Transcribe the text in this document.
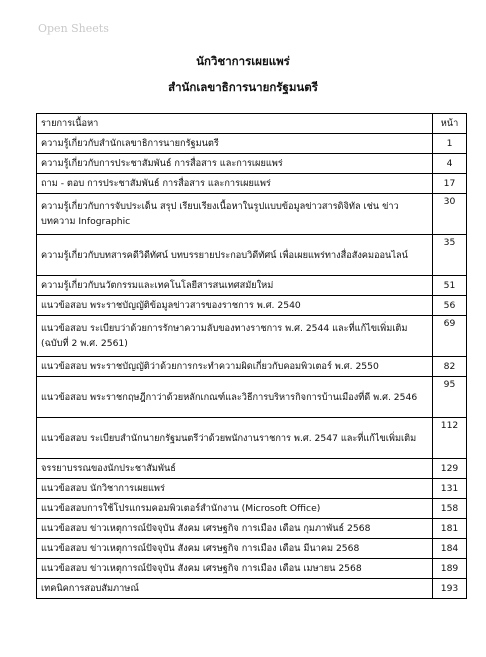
Open Sheets
นักวิชาการเผยแพร่
สำนักเลขาธิการนายกรัฐมนตรี
รายการเนื้อหา	หน้า
ความรู้เกี่ยวกับสำนักเลขาธิการนายกรัฐมนตรี	1
ความรู้เกี่ยวกับการประชาสัมพันธ์ การสื่อสาร และการเผยแพร่	4
ถาม - ตอบ การประชาสัมพันธ์ การสื่อสาร และการเผยแพร่	17
ความรู้เกี่ยวกับการจับประเด็น สรุป เรียบเรียงเนื้อหาในรูปแบบข้อมูลข่าวสารดิจิทัล เช่น ข่าว บทความ Infographic	30
ความรู้เกี่ยวกับบทสารคดีวิดีทัศน์ บทบรรยายประกอบวิดีทัศน์ เพื่อเผยแพร่ทางสื่อสังคมออนไลน์	35
ความรู้เกี่ยวกับนวัตกรรมและเทคโนโลยีสารสนเทศสมัยใหม่	51
แนวข้อสอบ พระราชบัญญัติข้อมูลข่าวสารของราชการ พ.ศ. 2540	56
แนวข้อสอบ ระเบียบว่าด้วยการรักษาความลับของทางราชการ พ.ศ. 2544 และที่แก้ไขเพิ่มเติม (ฉบับที่ 2 พ.ศ. 2561)	69
แนวข้อสอบ พระราชบัญญัติว่าด้วยการกระทำความผิดเกี่ยวกับคอมพิวเตอร์ พ.ศ. 2550	82
แนวข้อสอบ พระราชกฤษฎีกาว่าด้วยหลักเกณฑ์และวิธีการบริหารกิจการบ้านเมืองที่ดี พ.ศ. 2546	95
แนวข้อสอบ ระเบียบสำนักนายกรัฐมนตรีว่าด้วยพนักงานราชการ พ.ศ. 2547 และที่แก้ไขเพิ่มเติม	112
จรรยาบรรณของนักประชาสัมพันธ์	129
แนวข้อสอบ นักวิชาการเผยแพร่	131
แนวข้อสอบการใช้โปรแกรมคอมพิวเตอร์สำนักงาน (Microsoft Office)	158
แนวข้อสอบ ข่าวเหตุการณ์ปัจจุบัน สังคม เศรษฐกิจ การเมือง เดือน กุมภาพันธ์ 2568	181
แนวข้อสอบ ข่าวเหตุการณ์ปัจจุบัน สังคม เศรษฐกิจ การเมือง เดือน มีนาคม 2568	184
แนวข้อสอบ ข่าวเหตุการณ์ปัจจุบัน สังคม เศรษฐกิจ การเมือง เดือน เมษายน 2568	189
เทคนิคการสอบสัมภาษณ์	193
